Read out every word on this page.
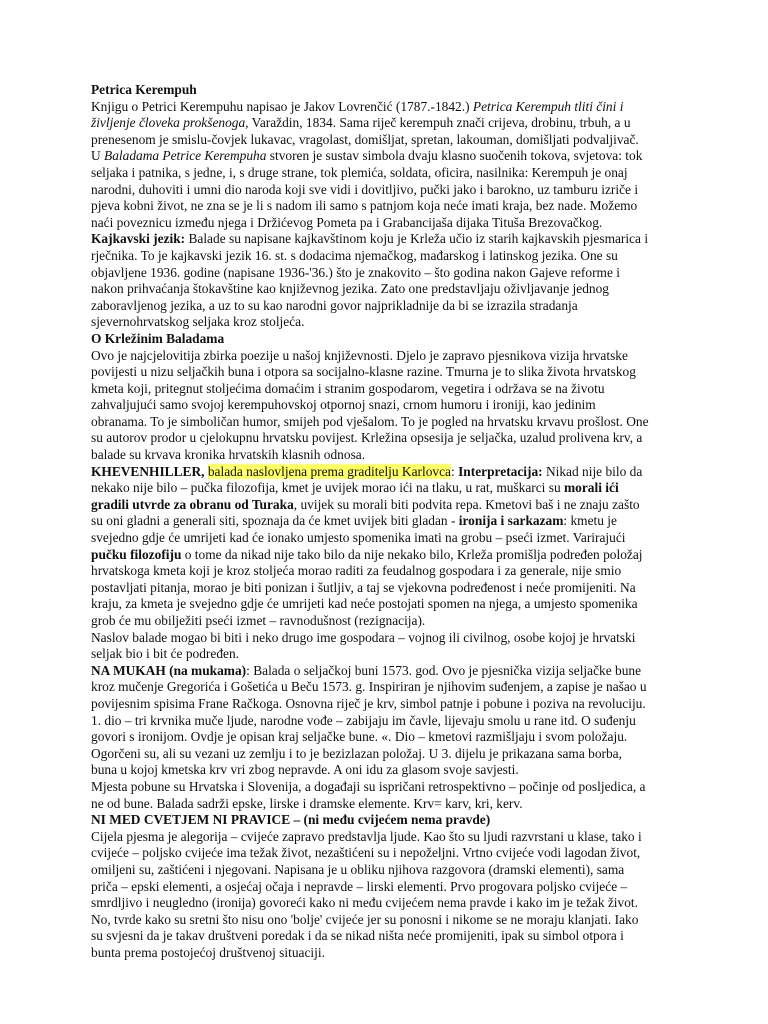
Petrica Kerempuh

Knjigu o Petrici Kerempuhu napisao je Jakov Lovrenčić (1787.-1842.) Petrica Kerempuh tliti čini i življenje človeka prokšenoga, Varaždin, 1834. Sama riječ kerempuh znači crijeva, drobinu, trbuh, a u prenesenom je smislu-čovjek lukavac, vragolast, domišljat, spretan, lakouman, domišljati podvaljivač. U Baladama Petrice Kerempuha stvoren je sustav simbola dvaju klasno suočenih tokova, svjetova: tok seljaka i patnika, s jedne, i, s druge strane, tok plemića, soldata, oficira, nasilnika: Kerempuh je onaj narodni, duhoviti i umni dio naroda koji sve vidi i dovitljivo, pučki jako i barokno, uz tamburu izriče i pjeva kobni život, ne zna se je li s nadom ili samo s patnjom koja neće imati kraja, bez nade. Možemo naći poveznicu između njega i Držićevog Pometa pa i Grabancijaša dijaka Tituša Brezovačkog.

Kajkavski jezik: Balade su napisane kajkavštinom koju je Krleža učio iz starih kajkavskih pjesmarica i rječnika. To je kajkavski jezik 16. st. s dodacima njemačkog, mađarskog i latinskog jezika. One su objavljene 1936. godine (napisane 1936-'36.) što je znakovito – što godina nakon Gajeve reforme i nakon prihvaćanja štokavštine kao književnog jezika. Zato one predstavljaju oživljavanje jednog zaboravljenog jezika, a uz to su kao narodni govor najprikladnije da bi se izrazila stradanja sjevernohrvatskog seljaka kroz stoljeća.

O Krležinim Baladama

Ovo je najcjelovitija zbirka poezije u našoj književnosti. Djelo je zapravo pjesnikova vizija hrvatske povijesti u nizu seljačkih buna i otpora sa socijalno-klasne razine. Tmurna je to slika života hrvatskog kmeta koji, pritegnut stoljećima domaćim i stranim gospodarom, vegetira i održava se na životu zahvaljujući samo svojoj kerempuhovskoj otpornoj snazi, crnom humoru i ironiji, kao jedinim obranama. To je simboličan humor, smijeh pod vješalom. To je pogled na hrvatsku krvavu prošlost. One su autorov prodor u cjelokupnu hrvatsku povijest. Krležina opsesija je seljačka, uzalud prolivena krv, a balade su krvava kronika hrvatskih klasnih odnosa.

KHEVENHILLER, balada naslovljena prema graditelju Karlovca: Interpretacija: Nikad nije bilo da nekako nije bilo – pučka filozofija, kmet je uvijek morao ići na tlaku, u rat, muškarci su morali ići gradili utvrde za obranu od Turaka, uvijek su morali biti podvita repa. Kmetovi baš i ne znaju zašto su oni gladni a generali siti, spoznaja da će kmet uvijek biti gladan - ironija i sarkazam: kmetu je svejedno gdje će umrijeti kad će ionako umjesto spomenika imati na grobu – pseći izmet. Varirajući pučku filozofiju o tome da nikad nije tako bilo da nije nekako bilo, Krleža promišlja podređen položaj hrvatskoga kmeta koji je kroz stoljeća morao raditi za feudalnog gospodara i za generale, nije smio postavljati pitanja, morao je biti ponizan i šutljiv, a taj se vjekovna podređenost i neće promijeniti. Na kraju, za kmeta je svejedno gdje će umrijeti kad neće postojati spomen na njega, a umjesto spomenika grob će mu obilježiti pseći izmet – ravnodušnost (rezignacija).

Naslov balade mogao bi biti i neko drugo ime gospodara – vojnog ili civilnog, osobe kojoj je hrvatski seljak bio i bit će podređen.

NA MUKAH (na mukama): Balada o seljačkoj buni 1573. god. Ovo je pjesnička vizija seljačke bune kroz mučenje Gregorića i Gošetića u Beču 1573. g. Inspiriran je njihovim suđenjem, a zapise je našao u povijesnim spisima Frane Račkoga. Osnovna riječ je krv, simbol patnje i pobune i poziva na revoluciju. 1. dio – tri krvnika muče ljude, narodne vođe – zabijaju im čavle, lijevaju smolu u rane itd. O suđenju govori s ironijom. Ovdje je opisan kraj seljačke bune. «. Dio – kmetovi razmišljaju i svom položaju. Ogorčeni su, ali su vezani uz zemlju i to je bezizlazan položaj. U 3. dijelu je prikazana sama borba, buna u kojoj kmetska krv vri zbog nepravde. A oni idu za glasom svoje savjesti.

Mjesta pobune su Hrvatska i Slovenija, a događaji su ispričani retrospektivno – počinje od posljedica, a ne od bune. Balada sadrži epske, lirske i dramske elemente. Krv= karv, kri, kerv.

NI MED CVETJEM NI PRAVICE – (ni među cvijećem nema pravde)

Cijela pjesma je alegorija – cvijeće zapravo predstavlja ljude. Kao što su ljudi razvrstani u klase, tako i cvijeće – poljsko cvijeće ima težak život, nezaštićeni su i nepoželjni. Vrtno cvijeće vodi lagodan život, omiljeni su, zaštićeni i njegovani. Napisana je u obliku njihova razgovora (dramski elementi), sama priča – epski elementi, a osjećaj očaja i nepravde – lirski elementi. Prvo progovara poljsko cvijeće – smrdljivo i neugledno (ironija) govoreći kako ni među cvijećem nema pravde i kako im je težak život. No, tvrde kako su sretni što nisu ono 'bolje' cvijeće jer su ponosni i nikome se ne moraju klanjati. Iako su svjesni da je takav društveni poredak i da se nikad ništa neće promijeniti, ipak su simbol otpora i bunta prema postojećoj društvenoj situaciji.
